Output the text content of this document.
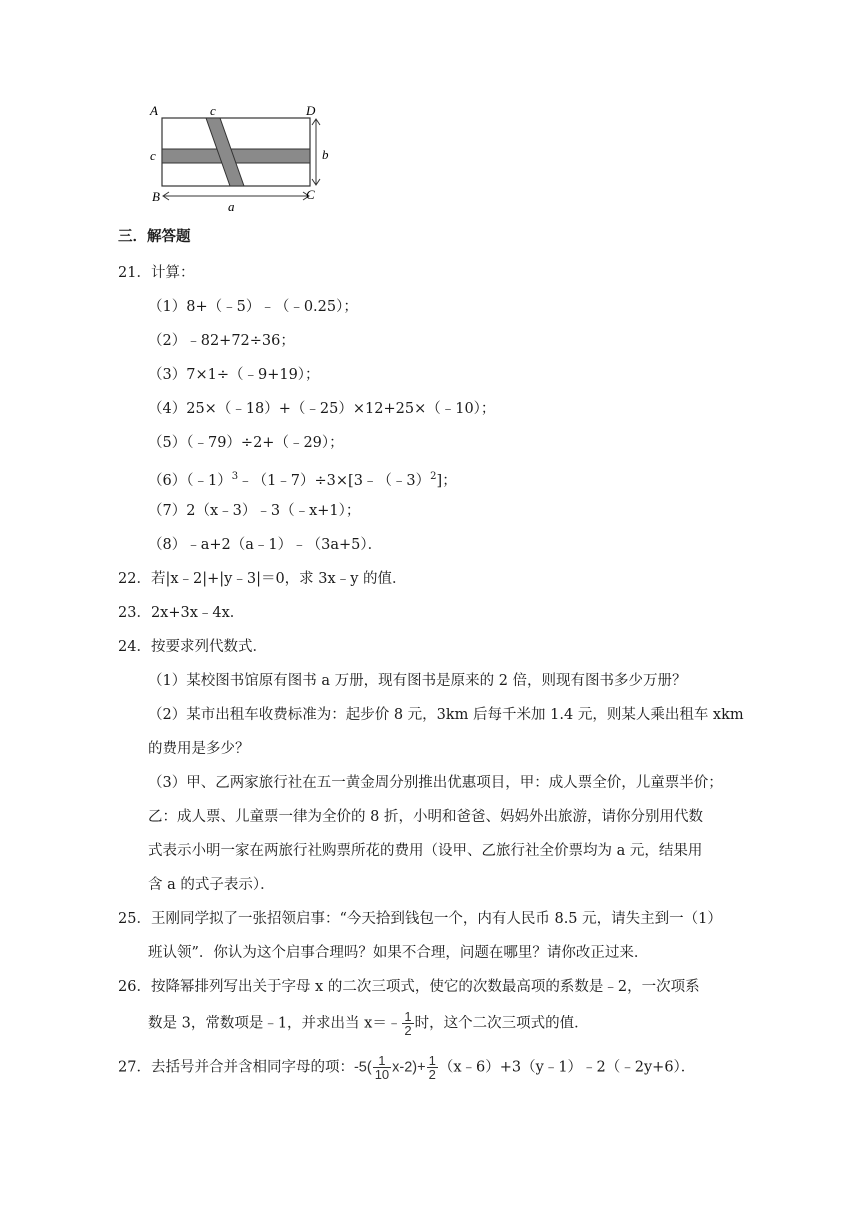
A	c	D
c	b
B	C
a
三．解答题
21．计算：
（1）8+（﹣5）﹣（﹣0.25）；
（2）﹣82+72÷36；
（3）7×1÷（﹣9+19）；
（4）25×（﹣18）+（﹣25）×12+25×（﹣10）；
（5）（﹣79）÷2+（﹣29）；
（6）（﹣1）$^3$﹣（1﹣7）÷3×[3﹣（﹣3）$^2$]；
（7）2（x﹣3）﹣3（﹣x+1）；
（8）﹣a+2（a﹣1）﹣（3a+5）．
22．若|x﹣2|+|y﹣3|＝0，求 3x﹣y 的值．
23．2x+3x﹣4x．
24．按要求列代数式．
（1）某校图书馆原有图书 a 万册，现有图书是原来的 2 倍，则现有图书多少万册？
（2）某市出租车收费标准为：起步价 8 元，3km 后每千米加 1.4 元，则某人乘出租车 xkm
的费用是多少？
（3）甲、乙两家旅行社在五一黄金周分别推出优惠项目，甲：成人票全价，儿童票半价；
乙：成人票、儿童票一律为全价的 8 折，小明和爸爸、妈妈外出旅游，请你分别用代数
式表示小明一家在两旅行社购票所花的费用（设甲、乙旅行社全价票均为 a 元，结果用
含 a 的式子表示）．
25．王刚同学拟了一张招领启事：“今天拾到钱包一个，内有人民币 8.5 元，请失主到一（1）
班认领”．你认为这个启事合理吗？如果不合理，问题在哪里？请你改正过来．
26．按降幂排列写出关于字母 x 的二次三项式，使它的次数最高项的系数是﹣2，一次项系
数是 3，常数项是﹣1，并求出当 x＝﹣ $\frac{1}{2}$ 时，这个二次三项式的值．
27．去括号并合并含相同字母的项：$-5( \frac{1}{10} x-2)+ \frac{1}{2}$ （x﹣6）+3（y﹣1）﹣2（﹣2y+6）．
